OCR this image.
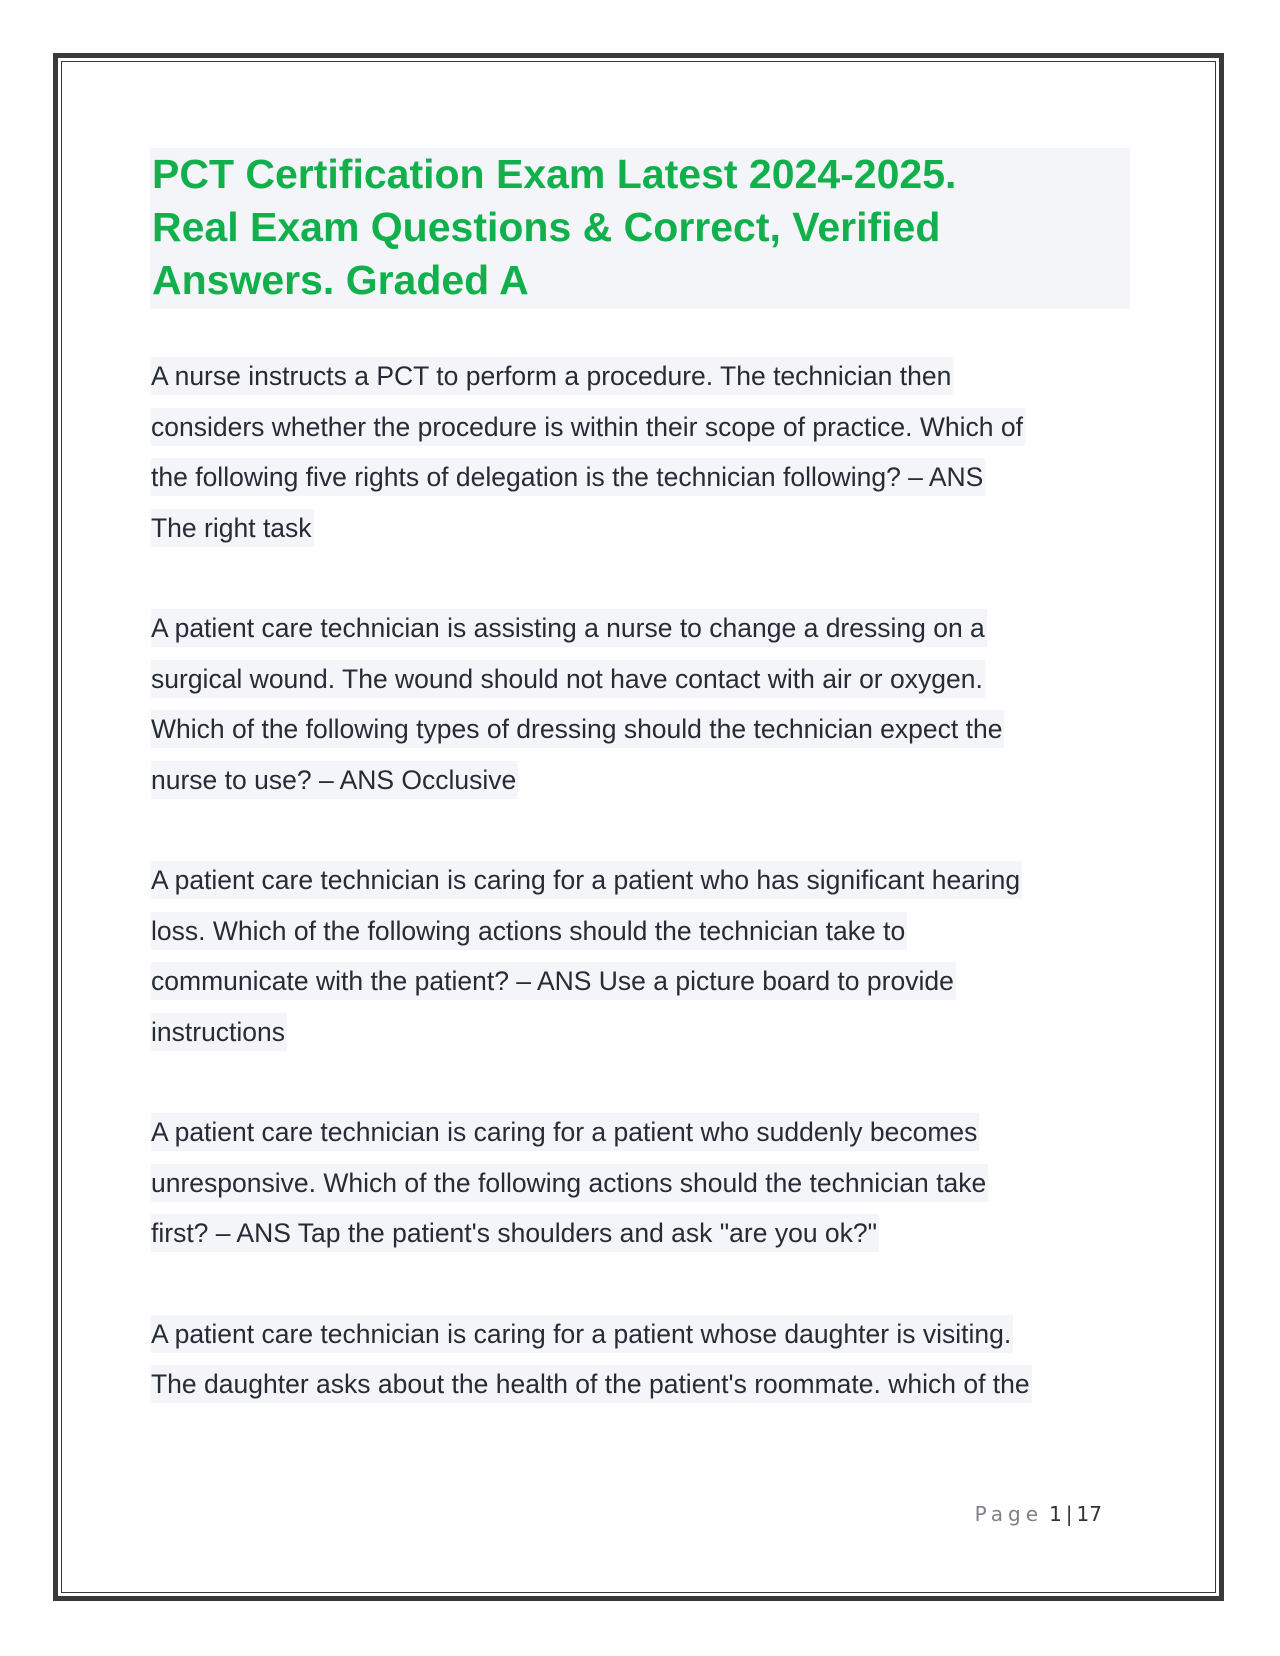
PCT Certification Exam Latest 2024-2025.
Real Exam Questions & Correct, Verified
Answers. Graded A
A nurse instructs a PCT to perform a procedure. The technician then
considers whether the procedure is within their scope of practice. Which of
the following five rights of delegation is the technician following? – ANS
The right task
A patient care technician is assisting a nurse to change a dressing on a
surgical wound. The wound should not have contact with air or oxygen.
Which of the following types of dressing should the technician expect the
nurse to use? – ANS Occlusive
A patient care technician is caring for a patient who has significant hearing
loss. Which of the following actions should the technician take to
communicate with the patient? – ANS Use a picture board to provide
instructions
A patient care technician is caring for a patient who suddenly becomes
unresponsive. Which of the following actions should the technician take
first? – ANS Tap the patient's shoulders and ask "are you ok?"
A patient care technician is caring for a patient whose daughter is visiting.
The daughter asks about the health of the patient's roommate. which of the
Page 1 | 17
